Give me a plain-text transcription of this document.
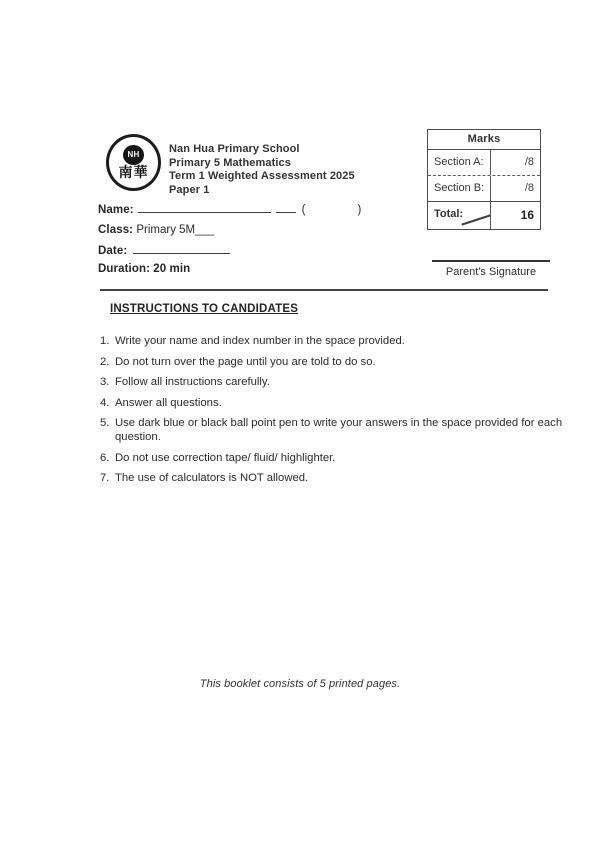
NH
南華
Nan Hua Primary School
Primary 5 Mathematics
Term 1 Weighted Assessment 2025
Paper 1
Marks
Section A:	/8
Section B:	/8
Total:	16
Name:	(	)
Class: Primary 5M___
Date:
Duration: 20 min	Parent's Signature
INSTRUCTIONS TO CANDIDATES
Write your name and index number in the space provided.
Do not turn over the page until you are told to do so.
Follow all instructions carefully.
Answer all questions.
Use dark blue or black ball point pen to write your answers in the space provided for each question.
Do not use correction tape/ fluid/ highlighter.
The use of calculators is NOT allowed.
This booklet consists of 5 printed pages.
